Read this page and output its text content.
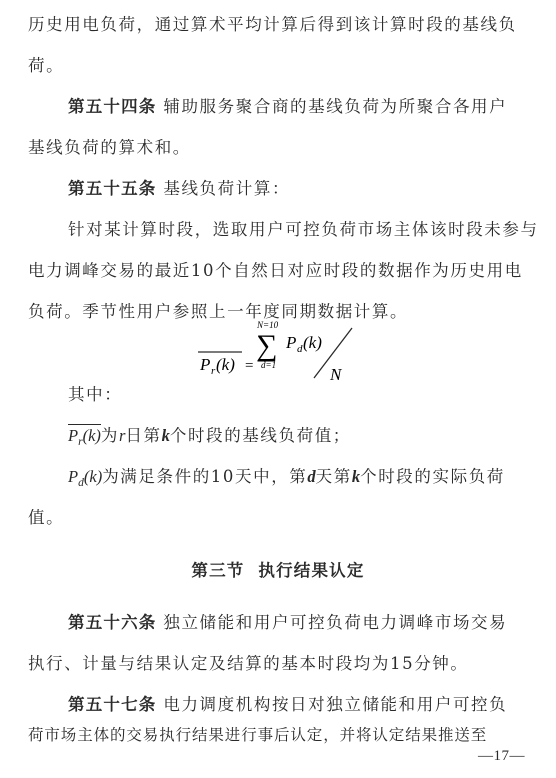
历史用电负荷，通过算术平均计算后得到该计算时段的基线负
荷。
第五十四条 辅助服务聚合商的基线负荷为所聚合各用户
基线负荷的算术和。
第五十五条 基线负荷计算：
针对某计算时段，选取用户可控负荷市场主体该时段未参与
电力调峰交易的最近10个自然日对应时段的数据作为历史用电
负荷。季节性用户参照上一年度同期数据计算。
P r (k) =
N=10
∑
d=1
P d (k)
N
其中：
$P_r(k)$为r日第k个时段的基线负荷值；
$P_d(k)$为满足条件的10天中，第d天第k个时段的实际负荷
值。
第三节  执行结果认定
第五十六条 独立储能和用户可控负荷电力调峰市场交易
执行、计量与结果认定及结算的基本时段均为15分钟。
第五十七条 电力调度机构按日对独立储能和用户可控负
荷市场主体的交易执行结果进行事后认定，并将认定结果推送至
—17—
